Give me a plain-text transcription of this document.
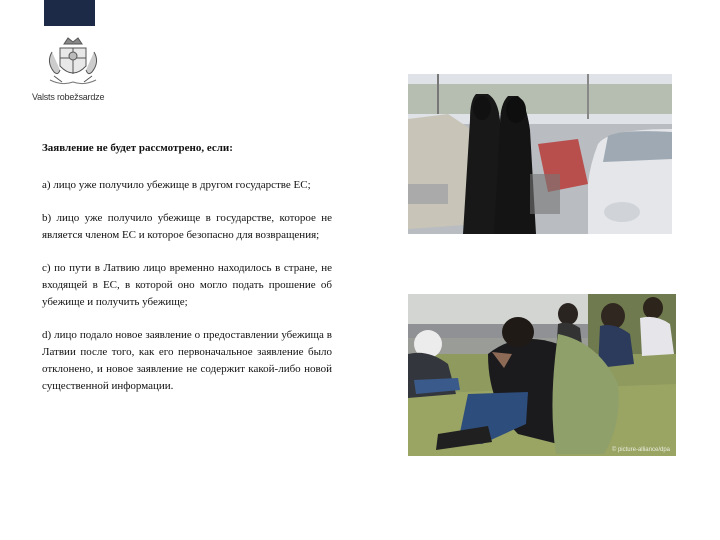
Valsts robežsardze

Заявление не будет рассмотрено, если:

a) лицо уже получило убежище в другом государстве ЕС;

b) лицо уже получило убежище в государстве, которое не является членом ЕС и которое безопасно для возвращения;

c) по пути в Латвию лицо временно находилось в стране, не входящей в ЕС, в которой оно могло подать прошение об убежище и получить убежище;

d) лицо подало новое заявление о предоставлении убежища в Латвии после того, как его первоначальное заявление было отклонено, и новое заявление не содержит какой-либо новой существенной информации.

© picture-alliance/dpa
